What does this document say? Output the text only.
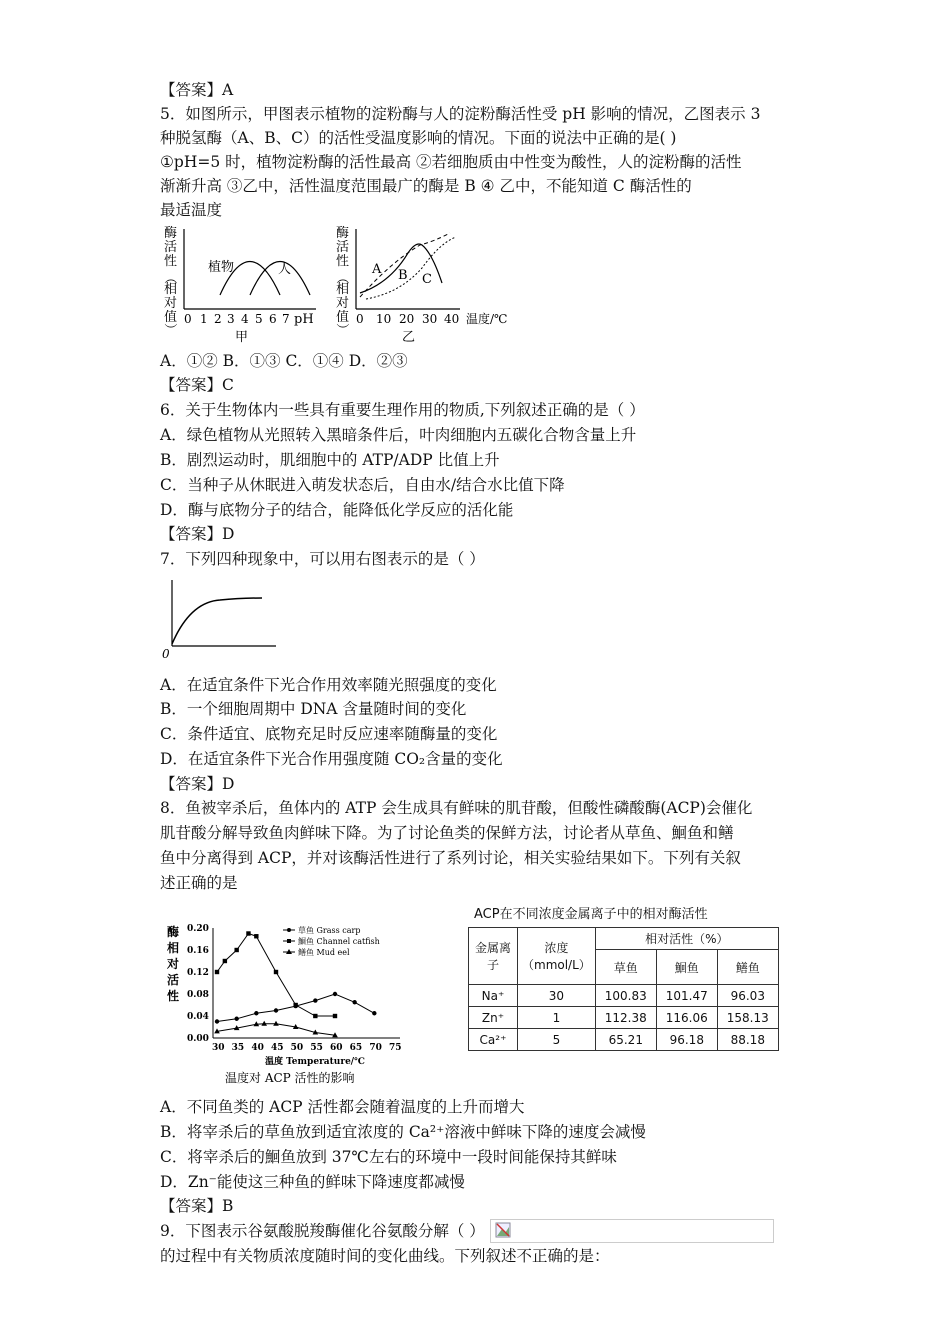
【答案】A
5．如图所示，甲图表示植物的淀粉酶与人的淀粉酶活性受 pH 影响的情况，乙图表示 3
种脱氢酶（A、B、C）的活性受温度影响的情况。下面的说法中正确的是( )
①pH=5 时，植物淀粉酶的活性最高 ②若细胞质由中性变为酸性，人的淀粉酶的活性
渐渐升高 ③乙中，活性温度范围最广的酶是 B ④ 乙中，不能知道 C 酶活性的
最适温度
酶
活
性
（
相
对
值
）
植物	人
0 1 2 3 4 5 6 7 pH
甲
酶
活
性
（
相
对
值
）
A B C
0 10 20 30 40 温度/℃
乙
A．①② B．①③ C．①④ D．②③
【答案】C
6．关于生物体内一些具有重要生理作用的物质,下列叙述正确的是（ ）
A．绿色植物从光照转入黑暗条件后，叶肉细胞内五碳化合物含量上升
B．剧烈运动时，肌细胞中的 ATP/ADP 比值上升
C．当种子从休眠进入萌发状态后，自由水/结合水比值下降
D．酶与底物分子的结合，能降低化学反应的活化能
【答案】D
7．下列四种现象中，可以用右图表示的是（ ）
0
A．在适宜条件下光合作用效率随光照强度的变化
B．一个细胞周期中 DNA 含量随时间的变化
C．条件适宜、底物充足时反应速率随酶量的变化
D．在适宜条件下光合作用强度随 CO₂含量的变化
【答案】D
8．鱼被宰杀后，鱼体内的 ATP 会生成具有鲜味的肌苷酸，但酸性磷酸酶(ACP)会催化
肌苷酸分解导致鱼肉鲜味下降。为了讨论鱼类的保鲜方法，讨论者从草鱼、鮰鱼和鳝
鱼中分离得到 ACP，并对该酶活性进行了系列讨论，相关实验结果如下。下列有关叙
述正确的是
酶
相
对
活
性
0.20
0.16
0.12
0.08
0.04
0.00
30 35 40 45 50 55 60 65 70 75
草鱼 Grass carp
鮰鱼 Channel catfish
鳝鱼 Mud eel
温度 Temperature/℃
温度对 ACP 活性的影响
ACP在不同浓度金属离子中的相对酶活性
金属离子	浓度（mmol/L）	相对活性（%）		
		草鱼	鮰鱼	鳝鱼
Na⁺	30	100.83	101.47	96.03
Zn⁺	1	112.38	116.06	158.13
Ca²⁺	5	65.21	96.18	88.18
A．不同鱼类的 ACP 活性都会随着温度的上升而增大
B．将宰杀后的草鱼放到适宜浓度的 Ca²⁺溶液中鲜味下降的速度会减慢
C．将宰杀后的鮰鱼放到 37℃左右的环境中一段时间能保持其鲜味
D．Zn⁻能使这三种鱼的鲜味下降速度都减慢
【答案】B
9．下图表示谷氨酸脱羧酶催化谷氨酸分解（ ）
的过程中有关物质浓度随时间的变化曲线。下列叙述不正确的是：
